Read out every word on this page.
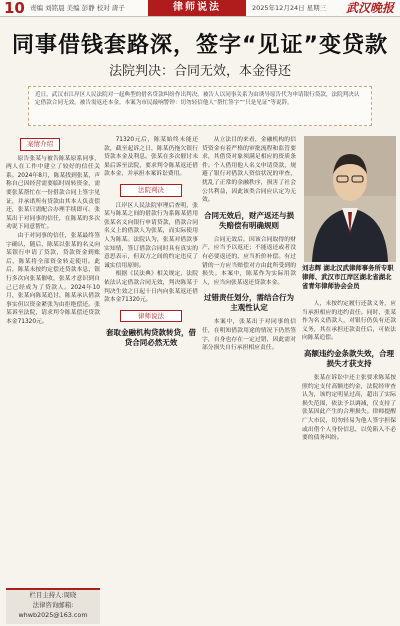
10 责编 刘铭晨 美编 彭静 校对 唐子	律师说法	2025年12月24日 星期三 武汉晚报
同事借钱套路深，签字“见证”变贷款
法院判决：合同无效，本金得还
近日，武汉市江岸区人民法院对一起典型的借名贷款纠纷作出判决。被告人以同事关系为由诱导原告代为申请银行贷款，法院判决认定借款合同无效，被告需返还本金。本案为市民敲响警钟：切勿轻信他人“帮忙签字”“只是见证”等说辞。
案情介绍

原告张某与被告陈某原系同事，两人在工作中建立了较好的信任关系。2024年8月，陈某找到张某，声称自己因经营需要临时周转资金，需要张某帮忙在一份借款合同上签字见证，并承诺所有贷款由其本人负责偿还，张某只需配合办理手续即可。张某出于对同事的信任，在陈某的多次劝说下同意帮忙。

由于对同事的信任，张某最终签字确认，随后，陈某以张某的名义向某银行申请了贷款，贷款资金到账后，陈某将全部资金转走使用。此后，陈某未按约定偿还贷款本息，银行多次向张某催收，张某才意识到自己已经成为了贷款人。2024年10月，张某向陈某追讨，陈某承认借款事实但以资金紧张为由拒绝偿还。张某诉至法院，请求判令陈某偿还贷款本金71320元。

71320元后，陈某始终未能还款，截至起诉之日，陈某仍拖欠银行贷款本金及利息。张某在多次催讨未果后诉至法院，要求判令陈某返还借款本金，并承担本案诉讼费用。

法院判决

江岸区人民法院审理后查明，张某与陈某之间的借款行为系陈某借用张某名义向银行申请贷款，借款合同名义上的借款人为张某，而实际使用人为陈某。法院认为，张某对借款事实知情，签订借款合同时具有真实的意思表示，但双方之间的约定违反了诚实信用原则。

根据《民法典》相关规定，法院依法认定借款合同无效，判决陈某于判决生效之日起十日内向张某返还借款本金71320元。

律师说法
套取金融机构贷款转贷，借贷合同必然无效

从立法目的来看，金融机构的信贷资金有着严格的审批流程和监管要求，其借贷对象须满足相应的资质条件。个人借用他人名义申请贷款，规避了银行对借款人资信状况的审查，扰乱了正常的金融秩序，损害了社会公共利益，因此该类合同应认定为无效。

合同无效后，财产返还与损失赔偿有明确规则

合同无效后，因该合同取得的财产，应当予以返还；不能返还或者没有必要返还的，应当折价补偿。有过错的一方应当赔偿对方由此所受到的损失。本案中，陈某作为实际用款人，应当向张某返还贷款本金。

过错责任划分，需结合行为主观性认定

本案中，张某出于对同事的信任，在明知借款用途的情况下仍然签字，自身也存在一定过错，因此需对部分损失自行承担相应责任。

刘志辉 湖北汉武律师事务所专职律师、武汉市江岸区湖北省湖北省青年律师协会会员

人，未按约定履行还款义务，应当承担相应的违约责任。同时，张某作为名义借款人，对银行仍负有还款义务，其在承担还款责任后，可依法向陈某追偿。

高额违约金条款失效，合理损失才获支持

张某在诉讼中还主张要求陈某按照约定支付高额违约金，法院经审查认为，该约定明显过高，超出了实际损失范围，依法予以调减，仅支持了张某因此产生的合理损失。律师提醒广大市民，切勿轻易为他人签字担保或出借个人身份信息，以免陷入不必要的债务纠纷。

栏目主持人:周晓
法律咨询邮箱:
whwb2025@163.com
